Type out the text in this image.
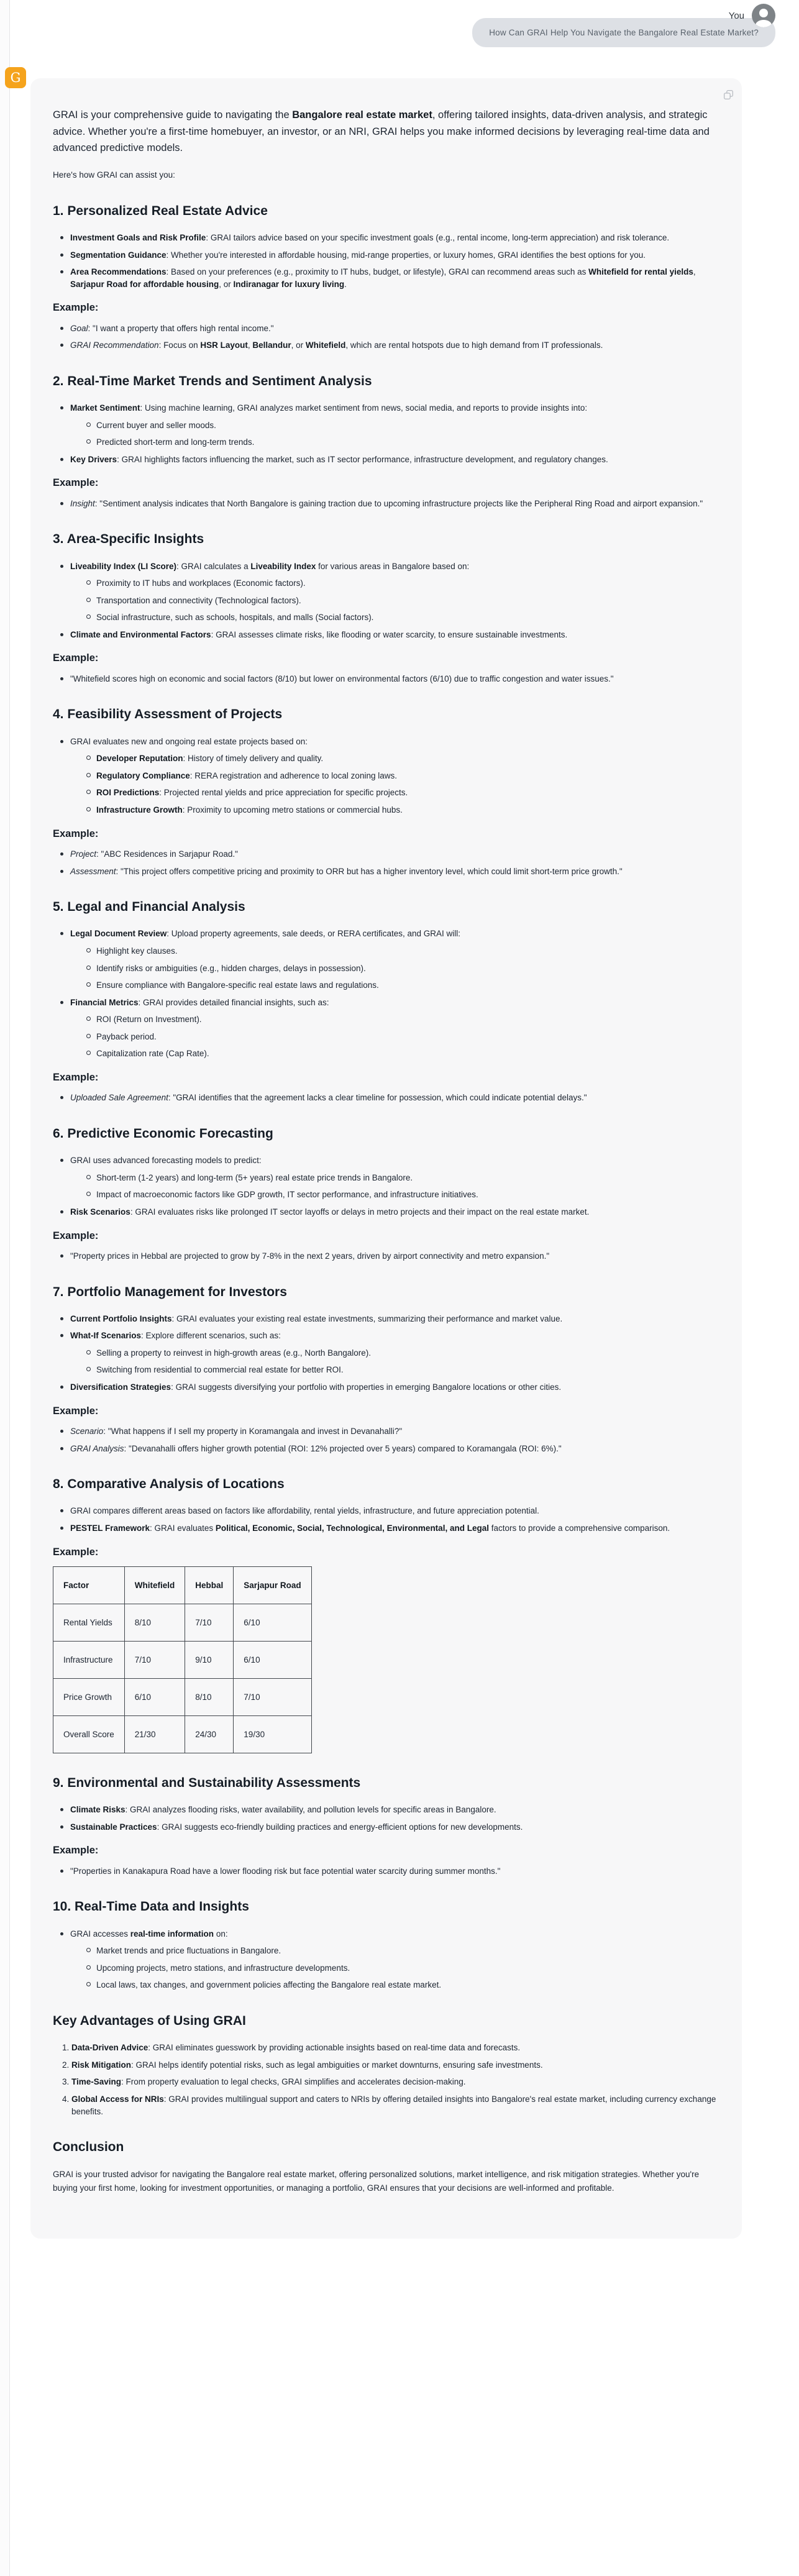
You
How Can GRAI Help You Navigate the Bangalore Real Estate Market?
G

GRAI is your comprehensive guide to navigating the Bangalore real estate market, offering tailored insights, data-driven analysis, and strategic advice. Whether you're a first-time homebuyer, an investor, or an NRI, GRAI helps you make informed decisions by leveraging real-time data and advanced predictive models.

Here's how GRAI can assist you:

1. Personalized Real Estate Advice
Investment Goals and Risk Profile: GRAI tailors advice based on your specific investment goals (e.g., rental income, long-term appreciation) and risk tolerance.
Segmentation Guidance: Whether you're interested in affordable housing, mid-range properties, or luxury homes, GRAI identifies the best options for you.
Area Recommendations: Based on your preferences (e.g., proximity to IT hubs, budget, or lifestyle), GRAI can recommend areas such as Whitefield for rental yields, Sarjapur Road for affordable housing, or Indiranagar for luxury living.
Example:
Goal: "I want a property that offers high rental income."
GRAI Recommendation: Focus on HSR Layout, Bellandur, or Whitefield, which are rental hotspots due to high demand from IT professionals.
2. Real-Time Market Trends and Sentiment Analysis
Market Sentiment: Using machine learning, GRAI analyzes market sentiment from news, social media, and reports to provide insights into:
Current buyer and seller moods.
Predicted short-term and long-term trends.
Key Drivers: GRAI highlights factors influencing the market, such as IT sector performance, infrastructure development, and regulatory changes.
Example:
Insight: "Sentiment analysis indicates that North Bangalore is gaining traction due to upcoming infrastructure projects like the Peripheral Ring Road and airport expansion."
3. Area-Specific Insights
Liveability Index (LI Score): GRAI calculates a Liveability Index for various areas in Bangalore based on:
Proximity to IT hubs and workplaces (Economic factors).
Transportation and connectivity (Technological factors).
Social infrastructure, such as schools, hospitals, and malls (Social factors).
Climate and Environmental Factors: GRAI assesses climate risks, like flooding or water scarcity, to ensure sustainable investments.
Example:
"Whitefield scores high on economic and social factors (8/10) but lower on environmental factors (6/10) due to traffic congestion and water issues."
4. Feasibility Assessment of Projects
GRAI evaluates new and ongoing real estate projects based on:
Developer Reputation: History of timely delivery and quality.
Regulatory Compliance: RERA registration and adherence to local zoning laws.
ROI Predictions: Projected rental yields and price appreciation for specific projects.
Infrastructure Growth: Proximity to upcoming metro stations or commercial hubs.
Example:
Project: "ABC Residences in Sarjapur Road."
Assessment: "This project offers competitive pricing and proximity to ORR but has a higher inventory level, which could limit short-term price growth."
5. Legal and Financial Analysis
Legal Document Review: Upload property agreements, sale deeds, or RERA certificates, and GRAI will:
Highlight key clauses.
Identify risks or ambiguities (e.g., hidden charges, delays in possession).
Ensure compliance with Bangalore-specific real estate laws and regulations.
Financial Metrics: GRAI provides detailed financial insights, such as:
ROI (Return on Investment).
Payback period.
Capitalization rate (Cap Rate).
Example:
Uploaded Sale Agreement: "GRAI identifies that the agreement lacks a clear timeline for possession, which could indicate potential delays."
6. Predictive Economic Forecasting
GRAI uses advanced forecasting models to predict:
Short-term (1-2 years) and long-term (5+ years) real estate price trends in Bangalore.
Impact of macroeconomic factors like GDP growth, IT sector performance, and infrastructure initiatives.
Risk Scenarios: GRAI evaluates risks like prolonged IT sector layoffs or delays in metro projects and their impact on the real estate market.
Example:
"Property prices in Hebbal are projected to grow by 7-8% in the next 2 years, driven by airport connectivity and metro expansion."
7. Portfolio Management for Investors
Current Portfolio Insights: GRAI evaluates your existing real estate investments, summarizing their performance and market value.
What-If Scenarios: Explore different scenarios, such as:
Selling a property to reinvest in high-growth areas (e.g., North Bangalore).
Switching from residential to commercial real estate for better ROI.
Diversification Strategies: GRAI suggests diversifying your portfolio with properties in emerging Bangalore locations or other cities.
Example:
Scenario: "What happens if I sell my property in Koramangala and invest in Devanahalli?"
GRAI Analysis: "Devanahalli offers higher growth potential (ROI: 12% projected over 5 years) compared to Koramangala (ROI: 6%)."
8. Comparative Analysis of Locations
GRAI compares different areas based on factors like affordability, rental yields, infrastructure, and future appreciation potential.
PESTEL Framework: GRAI evaluates Political, Economic, Social, Technological, Environmental, and Legal factors to provide a comprehensive comparison.
Example:
Factor	Whitefield	Hebbal	Sarjapur Road
Rental Yields	8/10	7/10	6/10
Infrastructure	7/10	9/10	6/10
Price Growth	6/10	8/10	7/10
Overall Score	21/30	24/30	19/30
9. Environmental and Sustainability Assessments
Climate Risks: GRAI analyzes flooding risks, water availability, and pollution levels for specific areas in Bangalore.
Sustainable Practices: GRAI suggests eco-friendly building practices and energy-efficient options for new developments.
Example:
"Properties in Kanakapura Road have a lower flooding risk but face potential water scarcity during summer months."
10. Real-Time Data and Insights
GRAI accesses real-time information on:
Market trends and price fluctuations in Bangalore.
Upcoming projects, metro stations, and infrastructure developments.
Local laws, tax changes, and government policies affecting the Bangalore real estate market.
Key Advantages of Using GRAI
1. Data-Driven Advice: GRAI eliminates guesswork by providing actionable insights based on real-time data and forecasts.
2. Risk Mitigation: GRAI helps identify potential risks, such as legal ambiguities or market downturns, ensuring safe investments.
3. Time-Saving: From property evaluation to legal checks, GRAI simplifies and accelerates decision-making.
4. Global Access for NRIs: GRAI provides multilingual support and caters to NRIs by offering detailed insights into Bangalore's real estate market, including currency exchange benefits.
Conclusion

GRAI is your trusted advisor for navigating the Bangalore real estate market, offering personalized solutions, market intelligence, and risk mitigation strategies. Whether you're buying your first home, looking for investment opportunities, or managing a portfolio, GRAI ensures that your decisions are well-informed and profitable.
